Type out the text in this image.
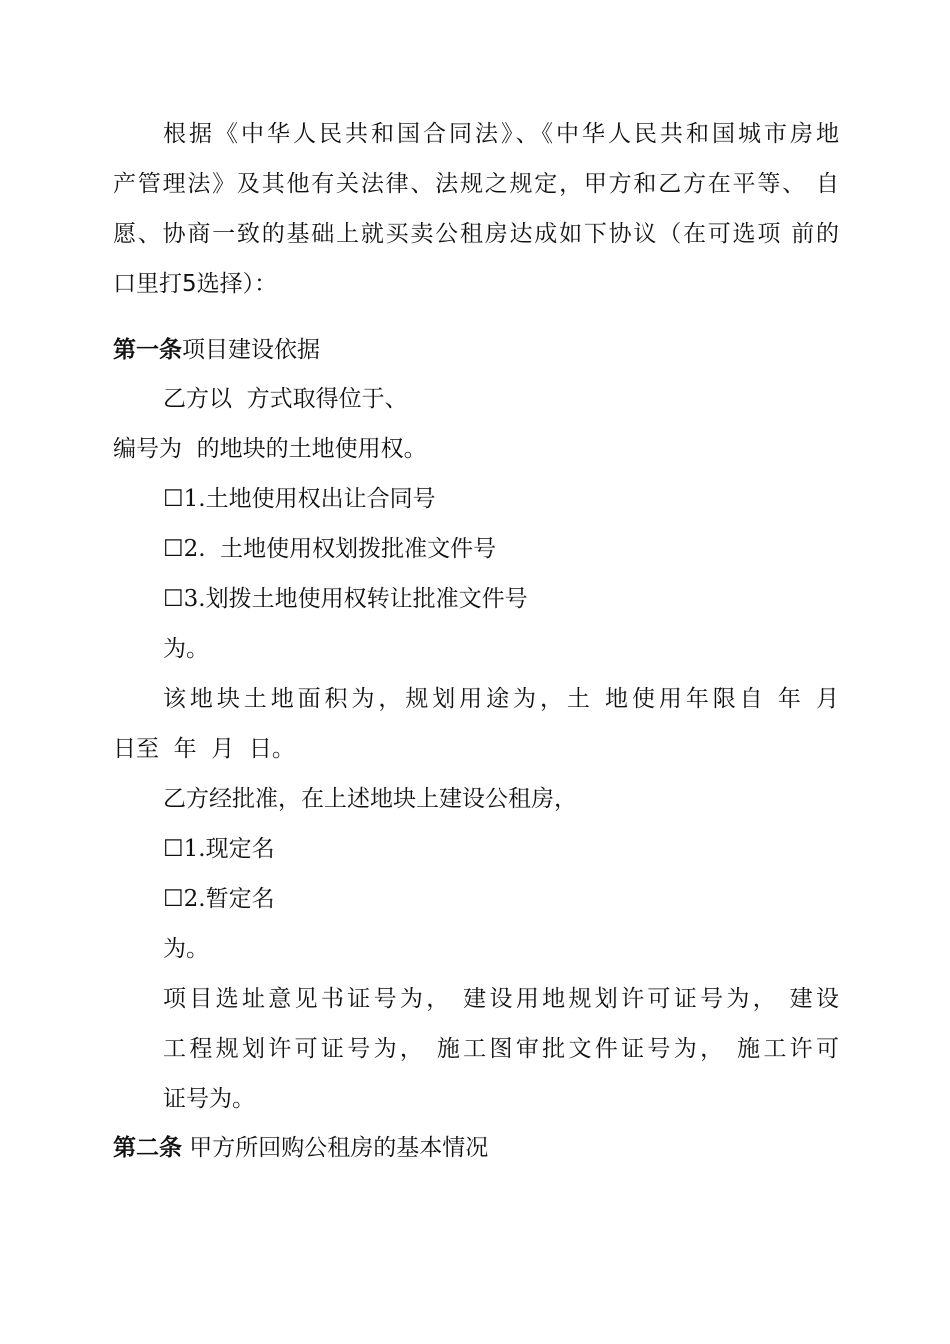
根据《中华人民共和国合同法》、《中华人民共和国城市房地
产管理法》及其他有关法律、法规之规定，甲方和乙方在平等、 自
愿、协商一致的基础上就买卖公租房达成如下协议（在可选项 前的
口里打5选择）：
第一条项目建设依据
乙方以  方式取得位于、
编号为  的地块的土地使用权。
☐1.土地使用权出让合同号
☐2.  土地使用权划拨批准文件号
☐3.划拨土地使用权转让批准文件号
为。
该地块土地面积为，规划用途为，土 地使用年限自 年 月
日至  年  月  日。
乙方经批准，在上述地块上建设公租房，
☐1.现定名
☐2.暂定名
为。
项目选址意见书证号为， 建设用地规划许可证号为， 建设
工程规划许可证号为， 施工图审批文件证号为， 施工许可
证号为。
第二条 甲方所回购公租房的基本情况
